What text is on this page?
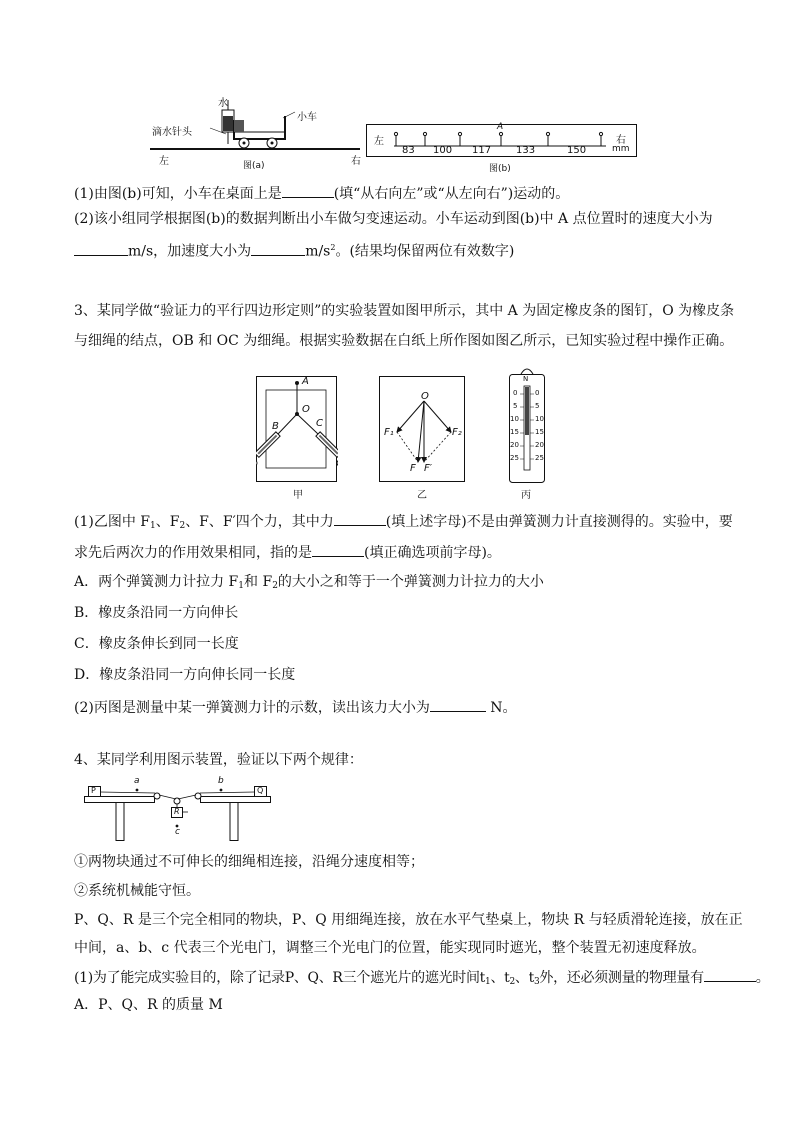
水
小车
滴水针头
左	右
图(a)
左	右
mm
A
83 100 117 133	150
图(b)
(1)由图(b)可知，小车在桌面上是	(填“从右向左”或“从左向右”)运动的。
(2)该小组同学根据图(b)的数据判断出小车做匀变速运动。小车运动到图(b)中 A 点位置时的速度大小为
m/s，加速度大小为	$m/s^2$。(结果均保留两位有效数字)
3、某同学做“验证力的平行四边形定则”的实验装置如图甲所示，其中 A 为固定橡皮条的图钉，O 为橡皮条
与细绳的结点，OB 和 OC 为细绳。根据实验数据在白纸上所作图如图乙所示，已知实验过程中操作正确。
A
O
B	C
甲
O
F₁	F₂
F F′
乙
N
0
5
10
15
20
25
0
5
10
15
20
25
丙
(1)乙图中 $F_1$、$F_2$、F、F′四个力，其中力	(填上述字母)不是由弹簧测力计直接测得的。实验中，要
求先后两次力的作用效果相同，指的是	(填正确选项前字母)。
A．两个弹簧测力计拉力 $F_1$和 $F_2$的大小之和等于一个弹簧测力计拉力的大小
B．橡皮条沿同一方向伸长
C．橡皮条伸长到同一长度
D．橡皮条沿同一方向伸长同一长度
(2)丙图是测量中某一弹簧测力计的示数，读出该力大小为	N。
4、某同学利用图示装置，验证以下两个规律：
P	Q
R
a	b
c
①两物块通过不可伸长的细绳相连接，沿绳分速度相等；
②系统机械能守恒。
P、Q、R 是三个完全相同的物块，P、Q 用细绳连接，放在水平气垫桌上，物块 R 与轻质滑轮连接，放在正
中间，a、b、c 代表三个光电门，调整三个光电门的位置，能实现同时遮光，整个装置无初速度释放。
(1)为了能完成实验目的，除了记录P、Q、R三个遮光片的遮光时间$t_1$、$t_2$、$t_3$外，还必须测量的物理量有	。
A．P、Q、R 的质量 M
